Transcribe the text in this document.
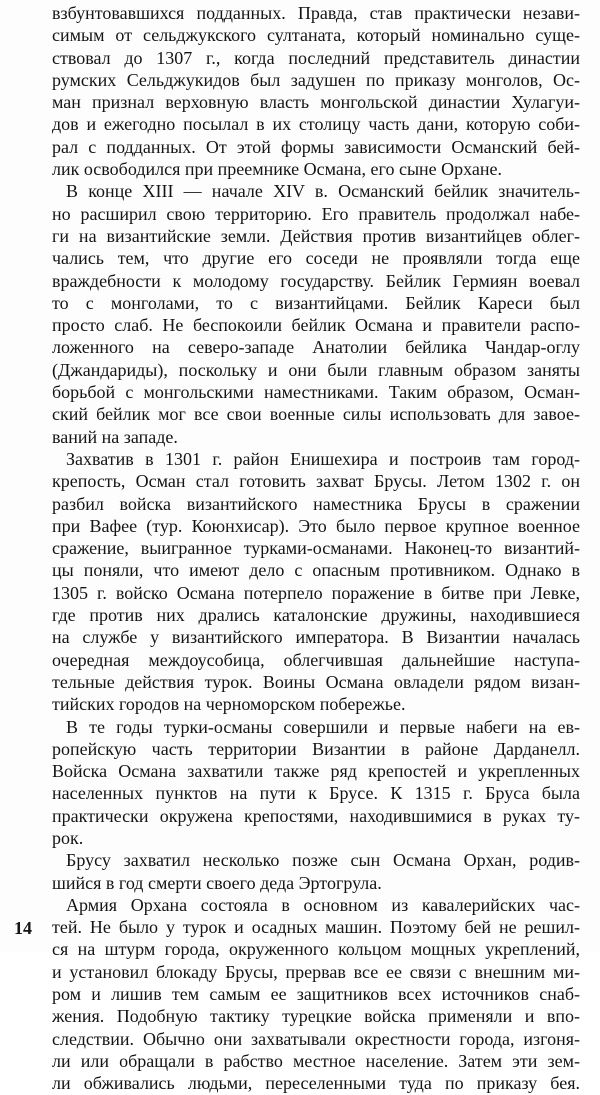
взбунтовавшихся подданных. Правда, став практически незави-
симым от сельджукского султаната, который номинально суще-
ствовал до 1307 г., когда последний представитель династии
румских Сельджукидов был задушен по приказу монголов, Ос-
ман признал верховную власть монгольской династии Хулагуи-
дов и ежегодно посылал в их столицу часть дани, которую соби-
рал с подданных. От этой формы зависимости Османский бей-
лик освободился при преемнике Османа, его сыне Орхане.
В конце XIII — начале XIV в. Османский бейлик значитель-
но расширил свою территорию. Его правитель продолжал набе-
ги на византийские земли. Действия против византийцев облег-
чались тем, что другие его соседи не проявляли тогда еще
враждебности к молодому государству. Бейлик Гермиян воевал
то с монголами, то с византийцами. Бейлик Кареси был
просто слаб. Не беспокоили бейлик Османа и правители распо-
ложенного на северо-западе Анатолии бейлика Чандар-оглу
(Джандариды), поскольку и они были главным образом заняты
борьбой с монгольскими наместниками. Таким образом, Осман-
ский бейлик мог все свои военные силы использовать для завое-
ваний на западе.
Захватив в 1301 г. район Енишехира и построив там город-
крепость, Осман стал готовить захват Брусы. Летом 1302 г. он
разбил войска византийского наместника Брусы в сражении
при Вафее (тур. Коюнхисар). Это было первое крупное военное
сражение, выигранное турками-османами. Наконец-то византий-
цы поняли, что имеют дело с опасным противником. Однако в
1305 г. войско Османа потерпело поражение в битве при Левке,
где против них дрались каталонские дружины, находившиеся
на службе у византийского императора. В Византии началась
очередная междоусобица, облегчившая дальнейшие наступа-
тельные действия турок. Воины Османа овладели рядом визан-
тийских городов на черноморском побережье.
В те годы турки-османы совершили и первые набеги на ев-
ропейскую часть территории Византии в районе Дарданелл.
Войска Османа захватили также ряд крепостей и укрепленных
населенных пунктов на пути к Брусе. К 1315 г. Бруса была
практически окружена крепостями, находившимися в руках ту-
рок.
Брусу захватил несколько позже сын Османа Орхан, родив-
шийся в год смерти своего деда Эртогрула.
Армия Орхана состояла в основном из кавалерийских час-
тей. Не было у турок и осадных машин. Поэтому бей не решил-
ся на штурм города, окруженного кольцом мощных укреплений,
и установил блокаду Брусы, прервав все ее связи с внешним ми-
ром и лишив тем самым ее защитников всех источников снаб-
жения. Подобную тактику турецкие войска применяли и впо-
следствии. Обычно они захватывали окрестности города, изгоня-
ли или обращали в рабство местное население. Затем эти зем-
ли обживались людьми, переселенными туда по приказу бея.
14
